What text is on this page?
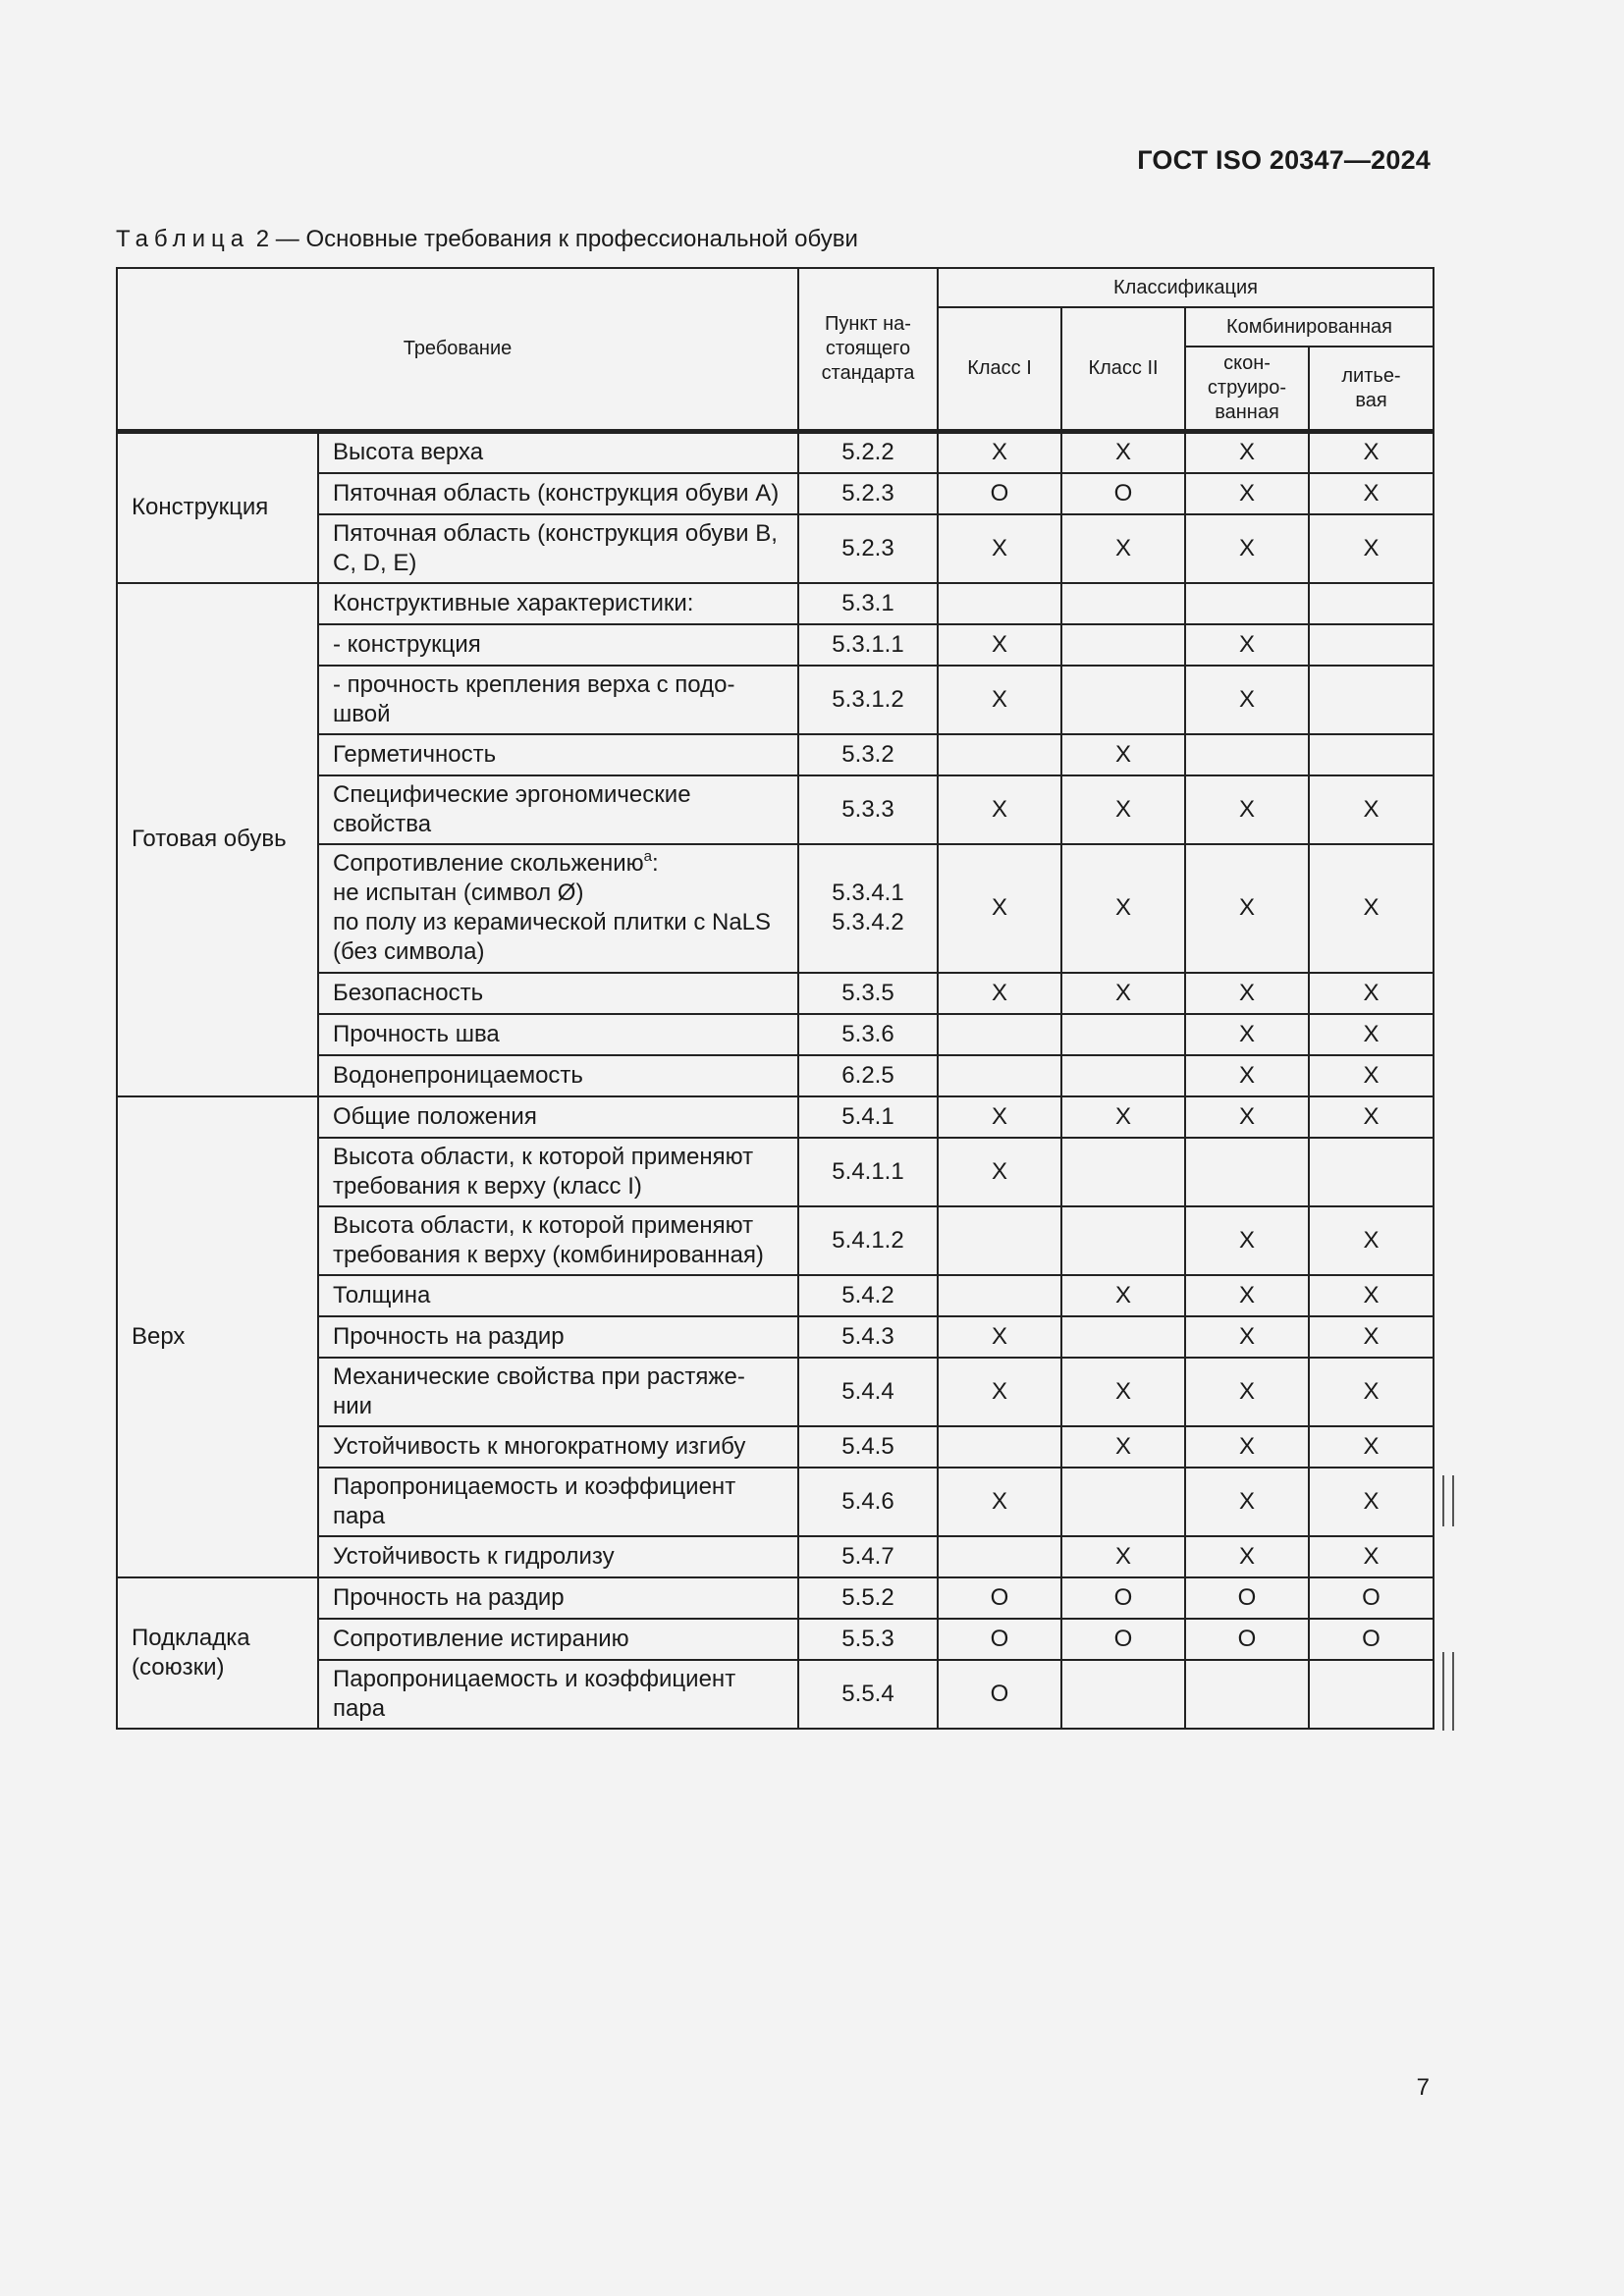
ГОСТ ISO 20347—2024
Таблица 2 — Основные требования к профессиональной обуви
Требование		Пункт на-
стоящего
стандарта	Классификация			
			Класс I	Класс II	Комбинированная	
					скон-
струиро-
ванная	литье-
вая
Конструкция	Высота верха	5.2.2	X	X	X	X
	Пяточная область (конструкция обуви A)	5.2.3	O	O	X	X
	Пяточная область (конструкция обуви B, C, D, E)	5.2.3	X	X	X	X
Готовая обувь	Конструктивные характеристики:	5.3.1				
	- конструкция	5.3.1.1	X		X	
	- прочность крепления верха с подо-
швой	5.3.1.2	X		X	
	Герметичность	5.3.2		X		
	Специфические эргономические свойства	5.3.3	X	X	X	X
	Сопротивление скольжению$^a$:
не испытан (символ Ø)
по полу из керамической плитки с NaLS (без символа)	5.3.4.1
5.3.4.2	X	X	X	X
	Безопасность	5.3.5	X	X	X	X
	Прочность шва	5.3.6			X	X
	Водонепроницаемость	6.2.5			X	X
Верх	Общие положения	5.4.1	X	X	X	X
	Высота области, к которой применяют требования к верху (класс I)	5.4.1.1	X			
	Высота области, к которой применяют требования к верху (комбинированная)	5.4.1.2			X	X
	Толщина	5.4.2		X	X	X
	Прочность на раздир	5.4.3	X		X	X
	Механические свойства при растяже-
нии	5.4.4	X	X	X	X
	Устойчивость к многократному изгибу	5.4.5		X	X	X
	Паропроницаемость и коэффициент пара	5.4.6	X		X	X
	Устойчивость к гидролизу	5.4.7		X	X	X
Подкладка
(союзки)	Прочность на раздир	5.5.2	O	O	O	O
	Сопротивление истиранию	5.5.3	O	O	O	O
	Паропроницаемость и коэффициент пара	5.5.4	O			
7
